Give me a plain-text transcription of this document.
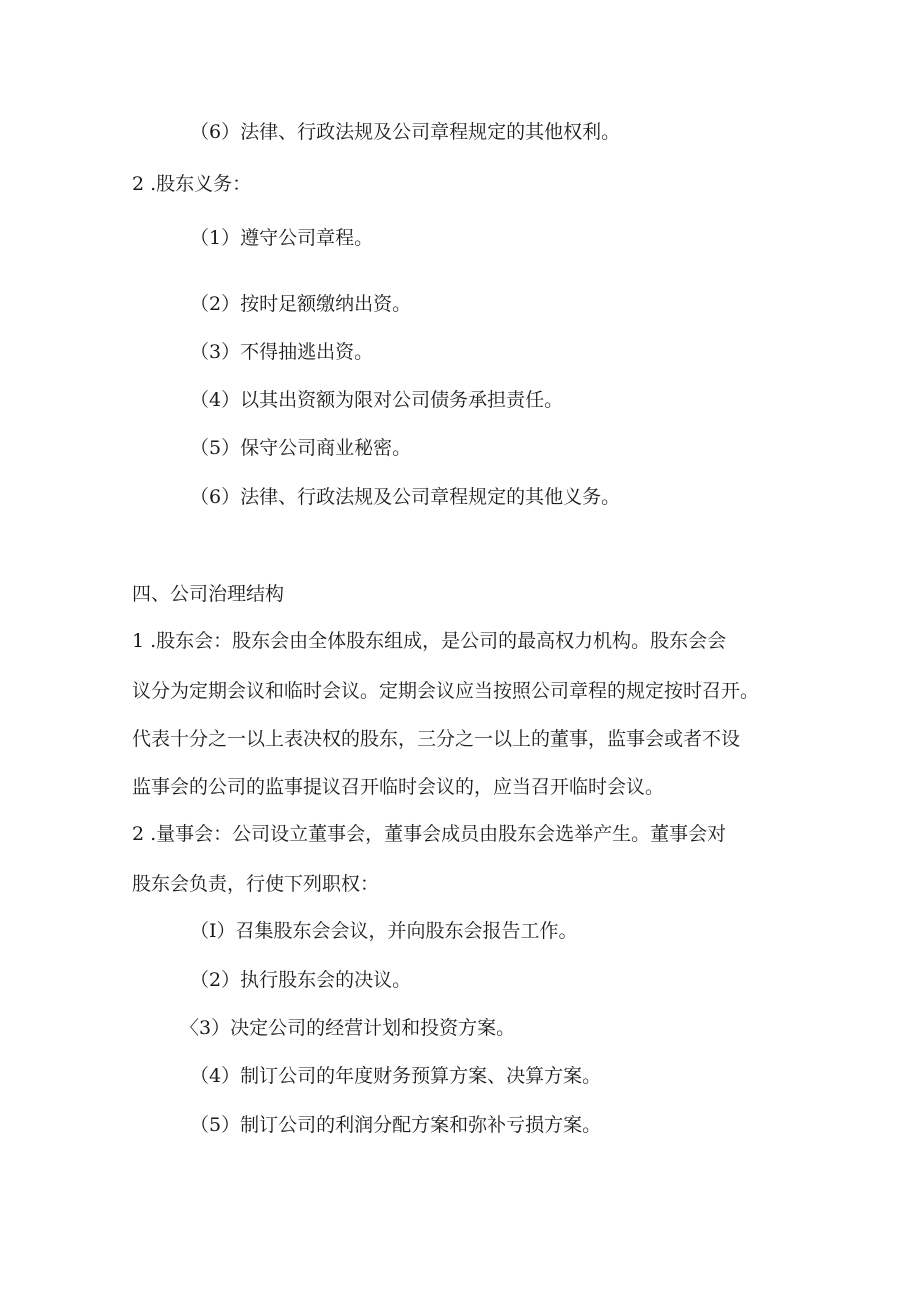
（6）法律、行政法规及公司章程规定的其他权利。

2 .股东义务：

（1）遵守公司章程。

（2）按时足额缴纳出资。

（3）不得抽逃出资。

（4）以其出资额为限对公司债务承担责任。

（5）保守公司商业秘密。

（6）法律、行政法规及公司章程规定的其他义务。

四、公司治理结构

1 .股东会：股东会由全体股东组成，是公司的最高权力机构。股东会会

议分为定期会议和临时会议。定期会议应当按照公司章程的规定按时召开。

代表十分之一以上表决权的股东，三分之一以上的董事，监事会或者不设

监事会的公司的监事提议召开临时会议的，应当召开临时会议。

2 .量事会：公司设立董事会，董事会成员由股东会选举产生。董事会对

股东会负责，行使下列职权：

（I）召集股东会会议，并向股东会报告工作。

（2）执行股东会的决议。

〈3）决定公司的经营计划和投资方案。

（4）制订公司的年度财务预算方案、决算方案。

（5）制订公司的利润分配方案和弥补亏损方案。
